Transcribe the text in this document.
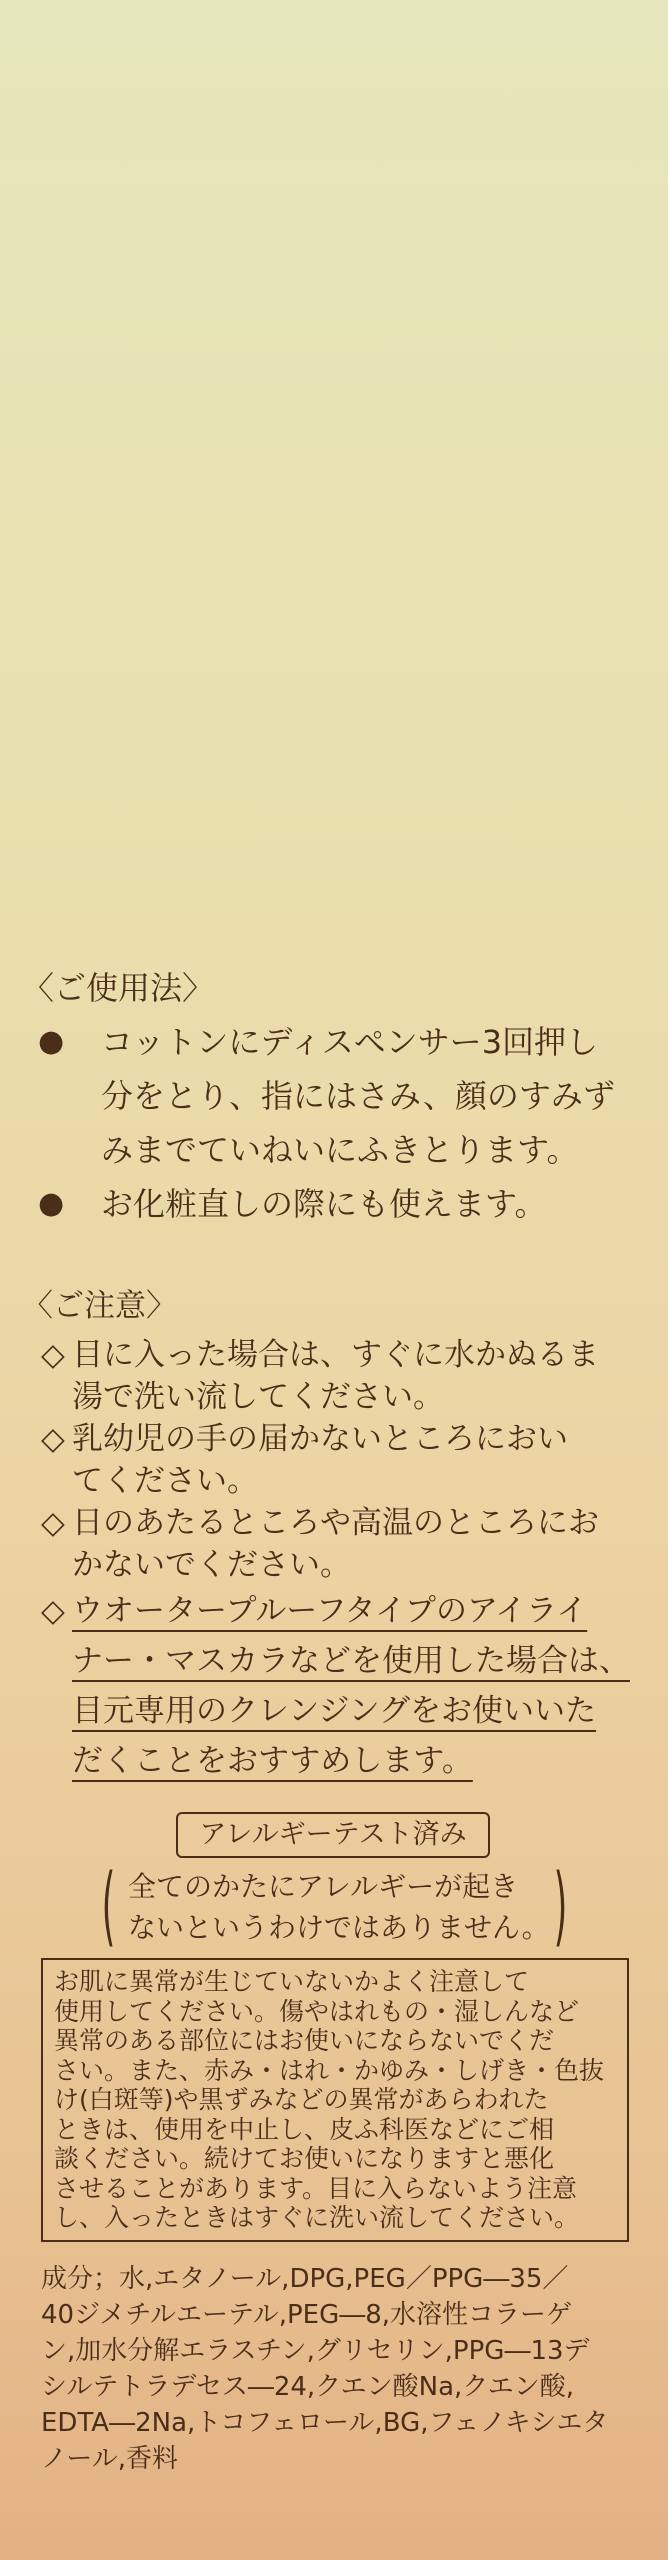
〈ご使用法〉
●	コットンにディスペンサー3回押し
分をとり、指にはさみ、顔のすみず
みまでていねいにふきとります。
●	お化粧直しの際にも使えます。
〈ご注意〉
◇ 目に入った場合は、すぐに水かぬるま
湯で洗い流してください。
◇ 乳幼児の手の届かないところにおい
てください。
◇ 日のあたるところや高温のところにお
かないでください。
◇ ウオータープルーフタイプのアイライ
ナー・マスカラなどを使用した場合は、
目元専用のクレンジングをお使いいた
だくことをおすすめします。
アレルギーテスト済み
( 全てのかたにアレルギーが起き
ないというわけではありません。 )
お肌に異常が生じていないかよく注意して
使用してください。傷やはれもの・湿しんなど
異常のある部位にはお使いにならないでくだ
さい。また、赤み・はれ・かゆみ・しげき・色抜
け(白斑等)や黒ずみなどの異常があらわれた
ときは、使用を中止し、皮ふ科医などにご相
談ください。続けてお使いになりますと悪化
させることがあります。目に入らないよう注意
し、入ったときはすぐに洗い流してください。
成分；水,エタノール,DPG,PEG／PPG―35／
40ジメチルエーテル,PEG―8,水溶性コラーゲ
ン,加水分解エラスチン,グリセリン,PPG―13デ
シルテトラデセス―24,クエン酸Na,クエン酸,
EDTA―2Na,トコフェロール,BG,フェノキシエタ
ノール,香料
